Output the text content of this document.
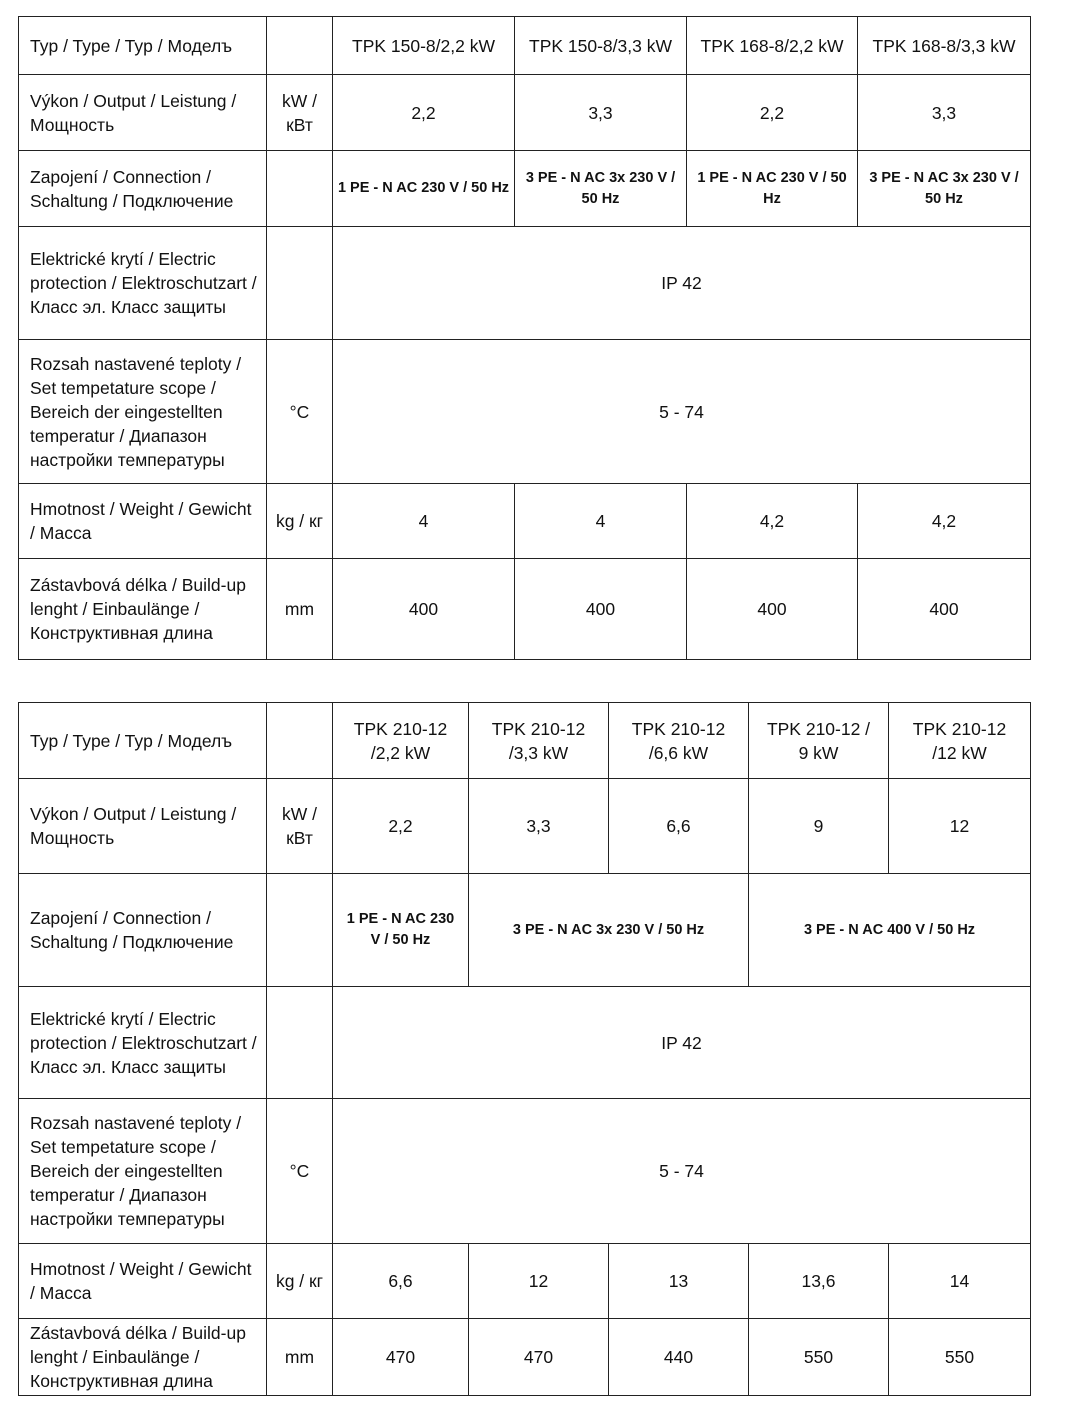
Typ / Type / Typ / Моделъ		TPK 150-8/2,2 kW	TPK 150-8/3,3 kW	TPK 168-8/2,2 kW	TPK 168-8/3,3 kW
Výkon / Output / Leistung / Мощность	kW / кВт	2,2	3,3	2,2	3,3
Zapojení / Connection / Schaltung / Подключение		1 PE - N AC 230 V / 50 Hz	3 PE - N AC 3x 230 V / 50 Hz	1 PE - N AC 230 V / 50 Hz	3 PE - N AC 3x 230 V / 50 Hz
Elektrické krytí / Electric protection / Elektroschutzart / Класс эл. Класс защиты		IP 42			
Rozsah nastavené teploty / Set tempetature scope / Bereich der eingestellten temperatur / Диапазон настройки температуры	°C	5 - 74			
Hmotnost / Weight / Gewicht / Масса	kg / кг	4	4	4,2	4,2
Zástavbová délka / Build-up lenght / Einbaulänge / Конструктивная длина	mm	400	400	400	400
Typ / Type / Typ / Моделъ		TPK 210-12 /2,2 kW	TPK 210-12 /3,3 kW	TPK 210-12 /6,6 kW	TPK 210-12 / 9 kW	TPK 210-12 /12 kW
Výkon / Output / Leistung / Мощность	kW / кВт	2,2	3,3	6,6	9	12
Zapojení / Connection / Schaltung / Подключение		1 PE - N AC 230 V / 50 Hz	3 PE - N AC 3x 230 V / 50 Hz		3 PE - N AC 400 V / 50 Hz	
Elektrické krytí / Electric protection / Elektroschutzart / Класс эл. Класс защиты		IP 42				
Rozsah nastavené teploty / Set tempetature scope / Bereich der eingestellten temperatur / Диапазон настройки температуры	°C	5 - 74				
Hmotnost / Weight / Gewicht / Масса	kg / кг	6,6	12	13	13,6	14
Zástavbová délka / Build-up lenght / Einbaulänge / Конструктивная длина	mm	470	470	440	550	550
